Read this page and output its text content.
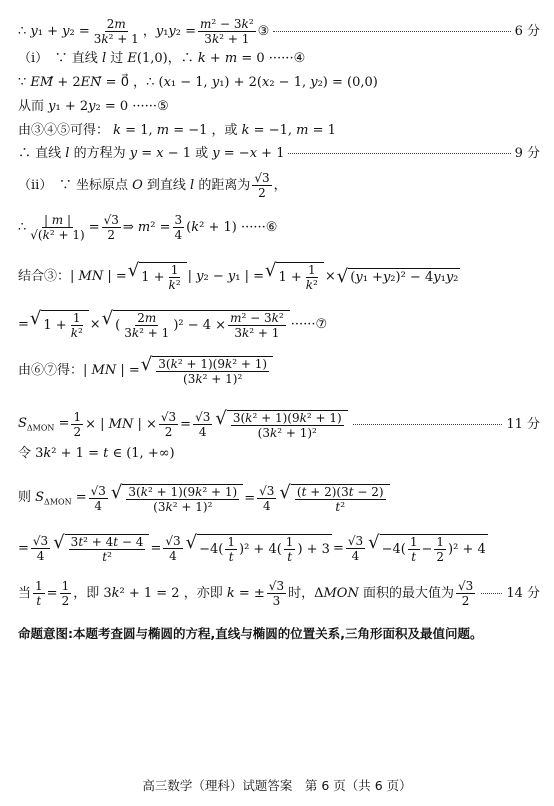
∴ $y_1 + y_2 = \frac{2m}{\text{3k² + 1}}$ ，$y_1y_2 = \frac{\text{m² − 3k²}}{\text{3k² + 1}}$ ③	6 分
（ⅰ）　∵ 直线 l 过 E(1,0)，∴ k + m = 0 ······④
∵ EM⃗ + 2EN⃗ = 0⃗ ，∴ (x₁ − 1, y₁) + 2(x₂ − 1, y₂) = (0,0)
从而 y₁ + 2y₂ = 0 ······⑤
由③④⑤可得： k = 1, m = −1 ，或 k = −1, m = 1
∴ 直线 l 的方程为 y = x − 1 或 y = −x + 1	9 分
（ⅱ）　∵ 坐标原点 O 到直线 l 的距离为 $\frac{√3}{2}$ ，
∴ $\frac{| m |}{\text{√(k² + 1)}} = \frac{√3}{2}$ ⇒ $m^2 = \frac{3}{4} (k^2 + 1)$ ······⑥
结合③：| MN | = √ $1 + \frac{1}{\text{k²}}$ | y₂ − y₁ | = √ $1 + \frac{1}{\text{k²}}$ × √ ( y ₁ + y ₂)² − 4 y ₁ y ₂
= √ $1 + \frac{1}{\text{k²}}$ × √ ( $\frac{2m}{\text{3k² + 1}} )^2 - 4 \times \frac{\text{m² − 3k²}}{\text{3k² + 1}}$ ······⑦
由⑥⑦得：| MN | = √ $\frac{\text{3(k² + 1)(9k² + 1)}}{\text{(3k² + 1)²}}$
$S_{\Delta MON} = \frac{1}{2}$ × | MN | × $\frac{√3}{2} = \frac{√3}{4}$ √ $\frac{\text{3(k² + 1)(9k² + 1)}}{\text{(3k² + 1)²}}$	11 分
令 3k² + 1 = t ∈ (1, +∞)
则 $S_{\Delta MON} = \frac{√3}{4}$ √ $\frac{\text{3(k² + 1)(9k² + 1)}}{\text{(3k² + 1)²}} = \frac{√3}{4}$ √ $\frac{(t + 2)(3t - 2)}{\text{t²}}$
= $\frac{√3}{4}$ √ $\frac{\text{3t² + 4t − 4}}{\text{t²}} = \frac{√3}{4}$ √ $-4( \frac{1}{t} )^2 + 4( \frac{1}{t}$ ) + $3 = \frac{√3}{4}$ √ $-4( \frac{1}{t} - \frac{1}{2} )^2 + 4$
当 $\frac{1}{t} = \frac{1}{2}$ ，即 3k² + 1 = 2 ，亦即 k = ± $\frac{√3}{3}$ 时，ΔMON 面积的最大值为 $\frac{√3}{2} 14$ 分
命题意图:本题考查圆与椭圆的方程,直线与椭圆的位置关系,三角形面积及最值问题。
高三数学（理科）试题答案　第 6 页（共 6 页）
